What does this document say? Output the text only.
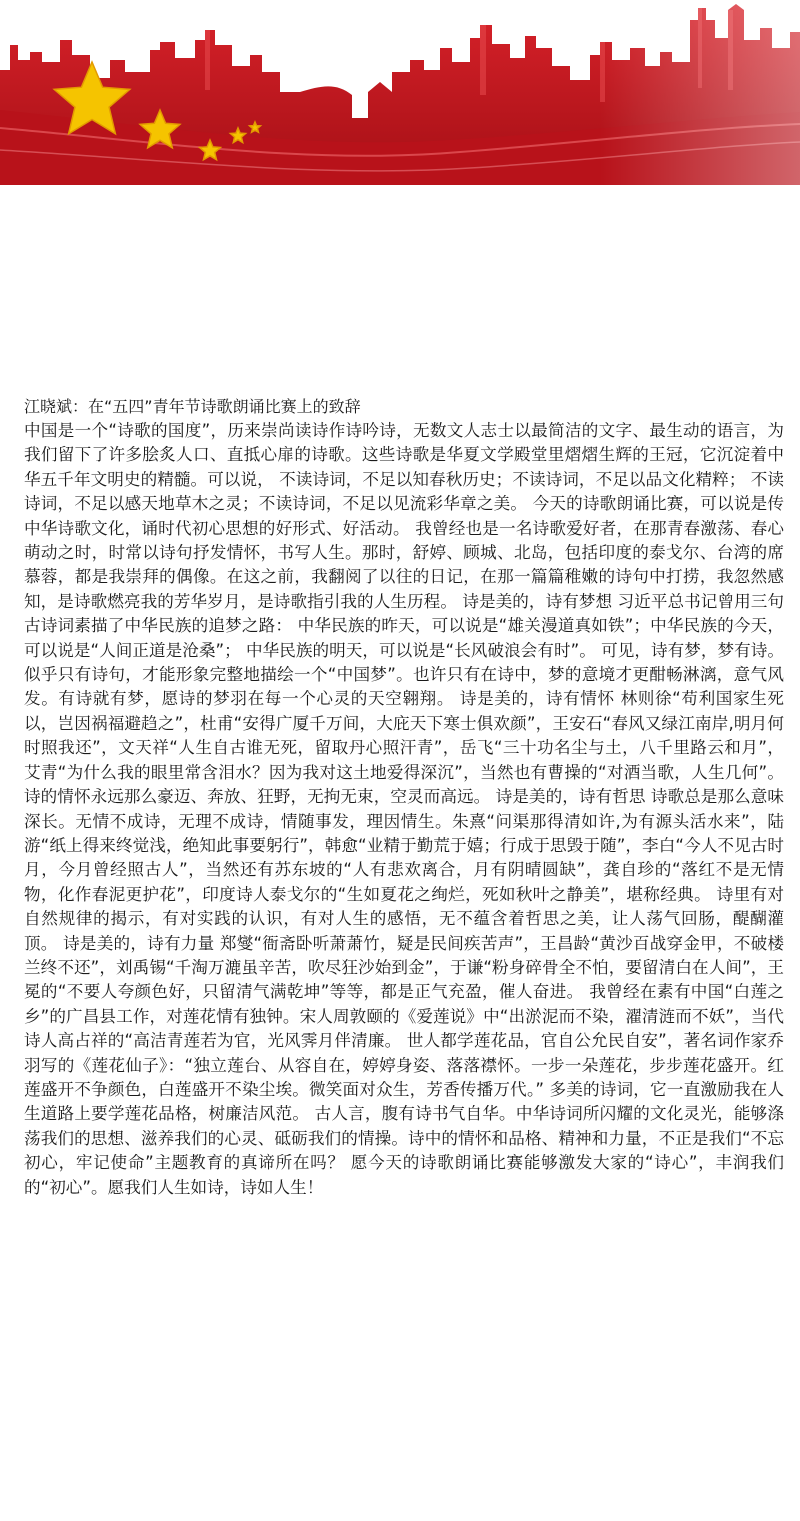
江晓斌：在“五四”青年节诗歌朗诵比赛上的致辞

中国是一个“诗歌的国度”，历来崇尚读诗作诗吟诗，无数文人志士以最简洁的文字、最生动的语言，为我们留下了许多脍炙人口、直抵心扉的诗歌。这些诗歌是华夏文学殿堂里熠熠生辉的王冠，它沉淀着中华五千年文明史的精髓。可以说， 不读诗词，不足以知春秋历史；不读诗词，不足以品文化精粹； 不读诗词，不足以感天地草木之灵；不读诗词，不足以见流彩华章之美。 今天的诗歌朗诵比赛，可以说是传中华诗歌文化，诵时代初心思想的好形式、好活动。 我曾经也是一名诗歌爱好者，在那青春激荡、春心萌动之时，时常以诗句抒发情怀，书写人生。那时，舒婷、顾城、北岛，包括印度的泰戈尔、台湾的席慕蓉，都是我崇拜的偶像。在这之前，我翻阅了以往的日记，在那一篇篇稚嫩的诗句中打捞，我忽然感知，是诗歌燃亮我的芳华岁月，是诗歌指引我的人生历程。 诗是美的，诗有梦想 习近平总书记曾用三句古诗词素描了中华民族的追梦之路： 中华民族的昨天，可以说是“雄关漫道真如铁”；中华民族的今天，可以说是“人间正道是沧桑”； 中华民族的明天，可以说是“长风破浪会有时”。 可见，诗有梦，梦有诗。似乎只有诗句，才能形象完整地描绘一个“中国梦”。也许只有在诗中，梦的意境才更酣畅淋漓，意气风发。有诗就有梦，愿诗的梦羽在每一个心灵的天空翱翔。 诗是美的，诗有情怀 林则徐“苟利国家生死以，岂因祸福避趋之”，杜甫“安得广厦千万间，大庇天下寒士俱欢颜”，王安石“春风又绿江南岸,明月何时照我还”，文天祥“人生自古谁无死，留取丹心照汗青”，岳飞“三十功名尘与土，八千里路云和月”， 艾青“为什么我的眼里常含泪水？因为我对这土地爱得深沉”，当然也有曹操的“对酒当歌，人生几何”。诗的情怀永远那么豪迈、奔放、狂野，无拘无束，空灵而高远。 诗是美的，诗有哲思 诗歌总是那么意味深长。无情不成诗，无理不成诗，情随事发，理因情生。朱熹“问渠那得清如许,为有源头活水来”，陆游“纸上得来终觉浅，绝知此事要躬行”，韩愈“业精于勤荒于嬉；行成于思毁于随”，李白“今人不见古时月，今月曾经照古人”，当然还有苏东坡的“人有悲欢离合，月有阴晴圆缺”，龚自珍的“落红不是无情物，化作春泥更护花”，印度诗人泰戈尔的“生如夏花之绚烂，死如秋叶之静美”，堪称经典。 诗里有对自然规律的揭示，有对实践的认识，有对人生的感悟，无不蕴含着哲思之美，让人荡气回肠，醍醐灌顶。 诗是美的，诗有力量 郑燮“衙斋卧听萧萧竹，疑是民间疾苦声”，王昌龄“黄沙百战穿金甲，不破楼兰终不还”，刘禹锡“千淘万漉虽辛苦，吹尽狂沙始到金”，于谦“粉身碎骨全不怕，要留清白在人间”，王冕的“不要人夸颜色好，只留清气满乾坤”等等，都是正气充盈，催人奋进。 我曾经在素有中国“白莲之乡”的广昌县工作，对莲花情有独钟。宋人周敦颐的《爱莲说》中“出淤泥而不染，濯清涟而不妖”，当代诗人高占祥的“高洁青莲若为官，光风霁月伴清廉。 世人都学莲花品，官自公允民自安”，著名词作家乔羽写的《莲花仙子》：“独立莲台、从容自在，婷婷身姿、落落襟怀。一步一朵莲花，步步莲花盛开。红莲盛开不争颜色，白莲盛开不染尘埃。微笑面对众生，芳香传播万代。” 多美的诗词，它一直激励我在人生道路上要学莲花品格，树廉洁风范。 古人言，腹有诗书气自华。中华诗词所闪耀的文化灵光，能够涤荡我们的思想、滋养我们的心灵、砥砺我们的情操。诗中的情怀和品格、精神和力量，不正是我们“不忘初心，牢记使命”主题教育的真谛所在吗？ 愿今天的诗歌朗诵比赛能够激发大家的“诗心”，丰润我们的“初心”。愿我们人生如诗，诗如人生！
